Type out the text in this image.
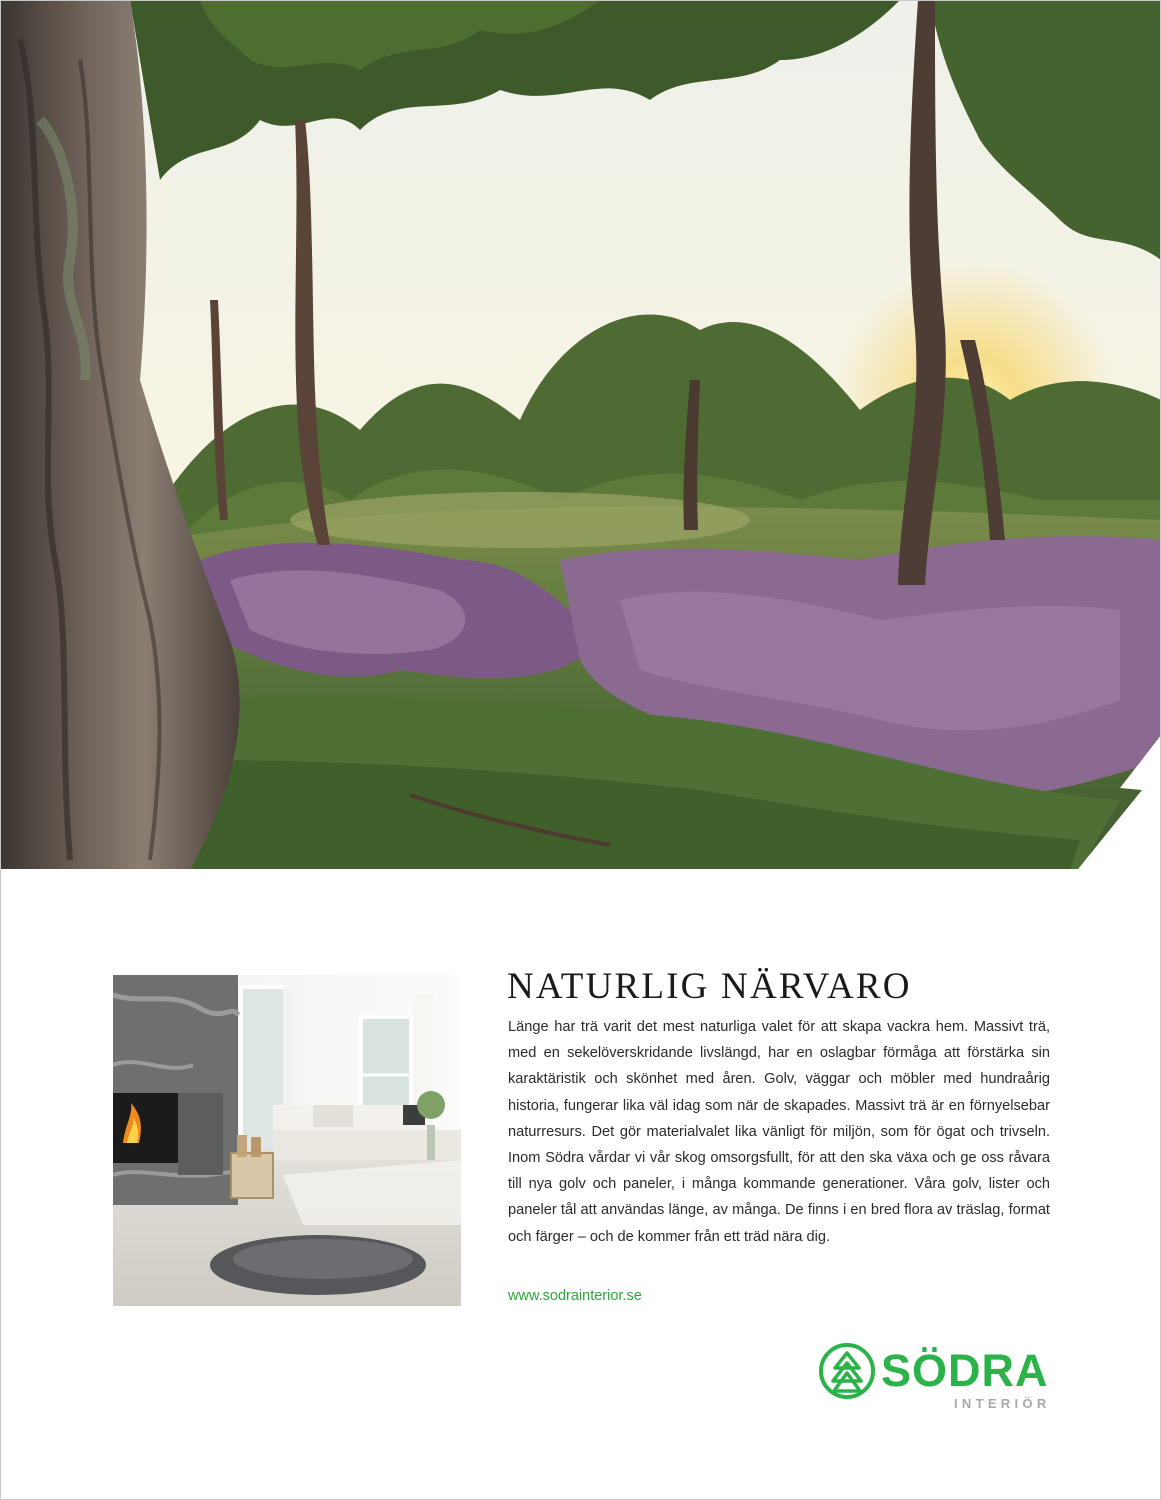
NATURLIG NÄRVARO

Länge har trä varit det mest naturliga valet för att skapa vackra hem. Massivt trä, med en sekelöverskridande livslängd, har en oslagbar förmåga att förstärka sin karaktäristik och skönhet med åren. Golv, väggar och möbler med hundraårig historia, fungerar lika väl idag som när de skapades. Massivt trä är en förnyelsebar naturresurs. Det gör materialvalet lika vänligt för miljön, som för ögat och trivseln. Inom Södra vårdar vi vår skog omsorgsfullt, för att den ska växa och ge oss råvara till nya golv och paneler, i många kommande generationer. Våra golv, lister och paneler tål att användas länge, av många. De finns i en bred flora av träslag, format och färger – och de kommer från ett träd nära dig.

www.sodrainterior.se
SÖDRA
INTERIÖR
